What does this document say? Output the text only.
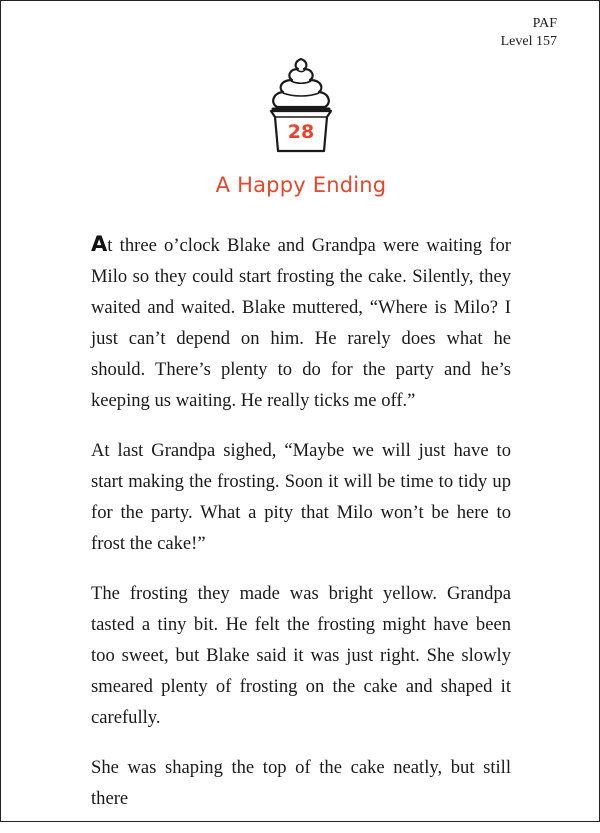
PAF
Level 157
28
A Happy Ending

At three o’clock Blake and Grandpa were waiting for Milo so they could start frosting the cake. Silently, they waited and waited. Blake muttered, “Where is Milo? I just can’t depend on him. He rarely does what he should. There’s plenty to do for the party and he’s keeping us waiting. He really ticks me off.”

At last Grandpa sighed, “Maybe we will just have to start making the frosting. Soon it will be time to tidy up for the party. What a pity that Milo won’t be here to frost the cake!”

The frosting they made was bright yellow. Grandpa tasted a tiny bit. He felt the frosting might have been too sweet, but Blake said it was just right. She slowly smeared plenty of frosting on the cake and shaped it carefully.

She was shaping the top of the cake neatly, but still there
